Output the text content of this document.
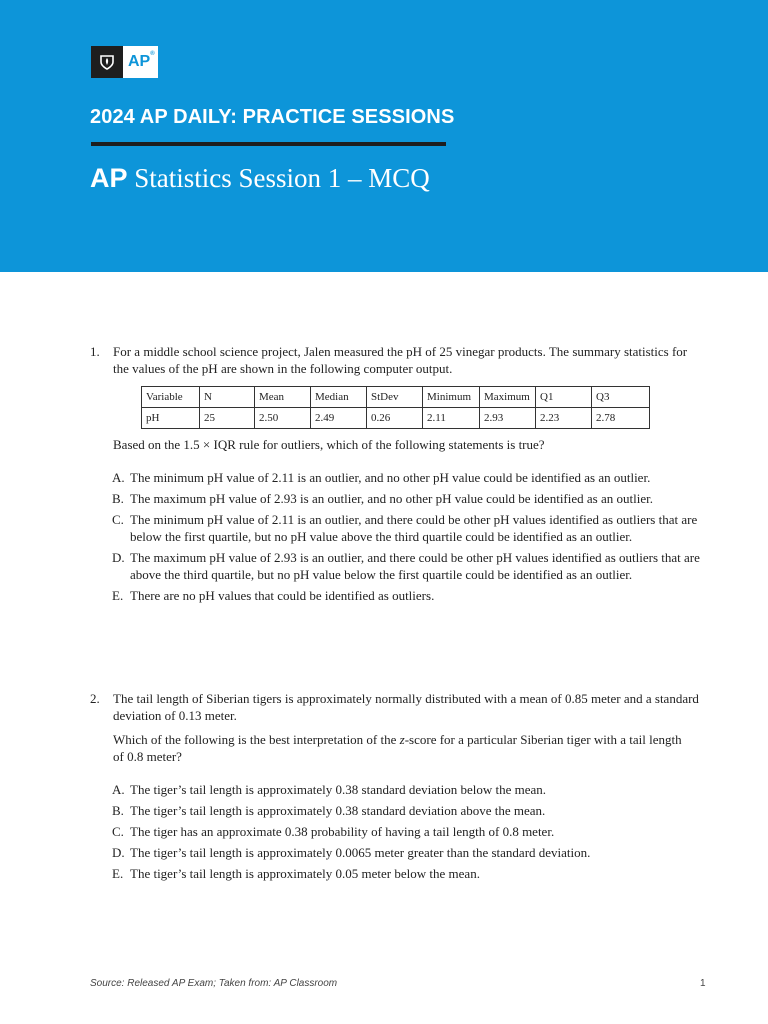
AP®
2024 AP DAILY: PRACTICE SESSIONS
AP Statistics Session 1 – MCQ
1. For a middle school science project, Jalen measured the pH of 25 vinegar products. The summary statistics for the values of the pH are shown in the following computer output.

Variable	N	Mean	Median	StDev	Minimum	Maximum	Q1	Q3
pH	25	2.50	2.49	0.26	2.11	2.93	2.23	2.78

Based on the 1.5 × IQR rule for outliers, which of the following statements is true?

A. The minimum pH value of 2.11 is an outlier, and no other pH value could be identified as an outlier.
B. The maximum pH value of 2.93 is an outlier, and no other pH value could be identified as an outlier.
C. The minimum pH value of 2.11 is an outlier, and there could be other pH values identified as outliers that are below the first quartile, but no pH value above the third quartile could be identified as an outlier.
D. The maximum pH value of 2.93 is an outlier, and there could be other pH values identified as outliers that are above the third quartile, but no pH value below the first quartile could be identified as an outlier.
E. There are no pH values that could be identified as outliers.
2. The tail length of Siberian tigers is approximately normally distributed with a mean of 0.85 meter and a standard deviation of 0.13 meter.

Which of the following is the best interpretation of the z-score for a particular Siberian tiger with a tail length of 0.8 meter?

A. The tiger’s tail length is approximately 0.38 standard deviation below the mean.
B. The tiger’s tail length is approximately 0.38 standard deviation above the mean.
C. The tiger has an approximate 0.38 probability of having a tail length of 0.8 meter.
D. The tiger’s tail length is approximately 0.0065 meter greater than the standard deviation.
E. The tiger’s tail length is approximately 0.05 meter below the mean.
Source: Released AP Exam; Taken from: AP Classroom	1
